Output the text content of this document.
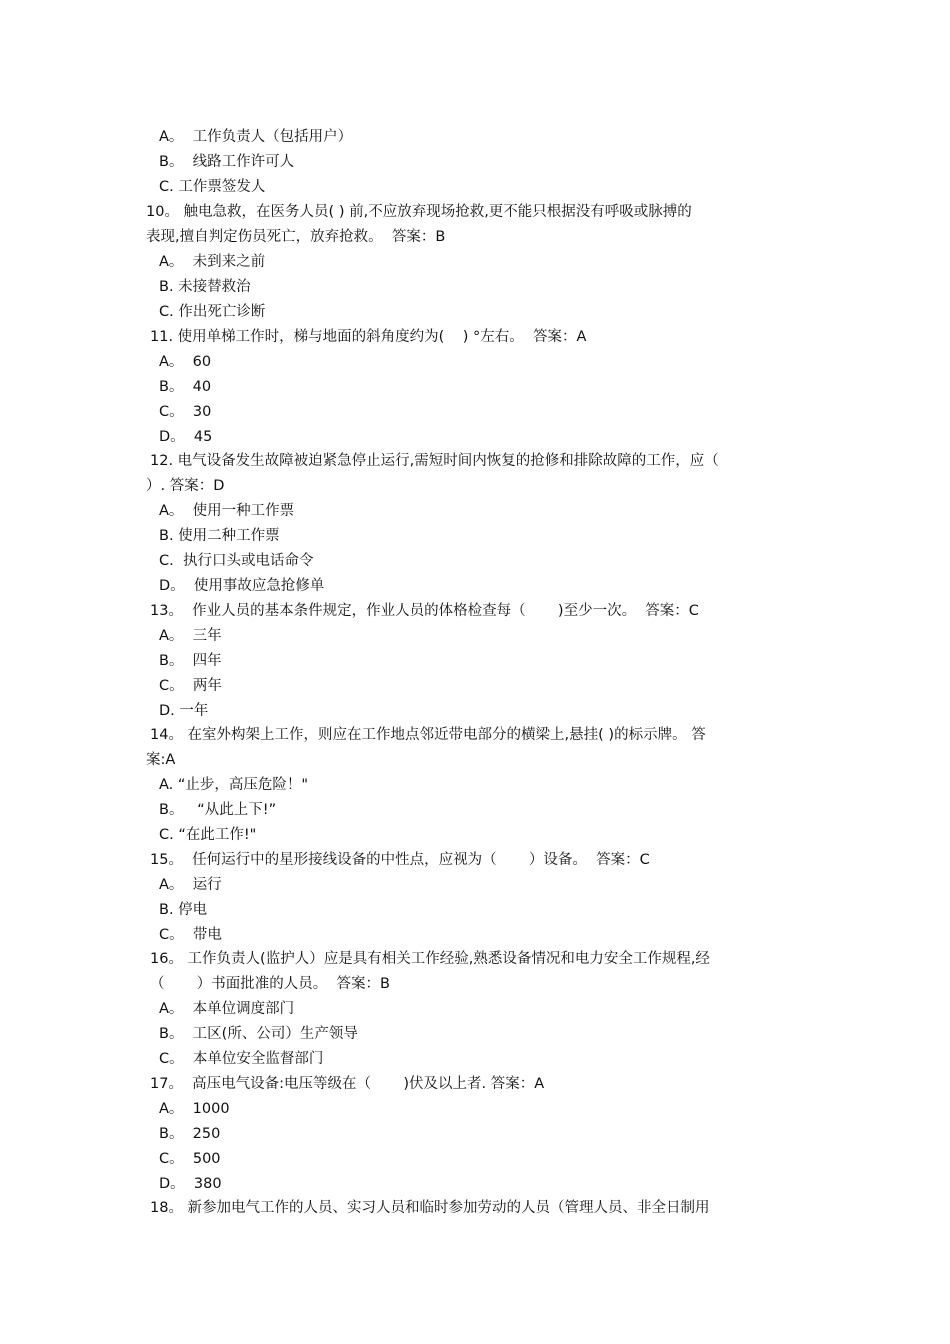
A。  工作负责人（包括用户）
B。  线路工作许可人
C. 工作票签发人
10。 触电急救，在医务人员( ) 前,不应放弃现场抢救,更不能只根据没有呼吸或脉搏的
表现,擅自判定伤员死亡，放弃抢救。  答案：B
A。  未到来之前
B. 未接替救治
C. 作出死亡诊断
11. 使用单梯工作时，梯与地面的斜角度约为(    ) °左右。  答案：A
A。  60
B。  40
C。  30
D。  45
12. 电气设备发生故障被迫紧急停止运行,需短时间内恢复的抢修和排除故障的工作，应（
）. 答案：D
A。  使用一种工作票
B. 使用二种工作票
C.  执行口头或电话命令
D。  使用事故应急抢修单
13。  作业人员的基本条件规定，作业人员的体格检查每（       )至少一次。  答案：C
A。  三年
B。  四年
C。  两年
D. 一年
14。 在室外构架上工作，则应在工作地点邻近带电部分的横梁上,悬挂( )的标示牌。 答
案:A
A. “止步，高压危险！"
B。   “从此上下!”
C. “在此工作!"
15。  任何运行中的星形接线设备的中性点，应视为（       ）设备。  答案：C
A。  运行
B. 停电
C。  带电
16。 工作负责人(监护人）应是具有相关工作经验,熟悉设备情况和电力安全工作规程,经
（       ）书面批准的人员。  答案：B
A。  本单位调度部门
B。  工区(所、公司）生产领导
C。  本单位安全监督部门
17。  高压电气设备:电压等级在（       )伏及以上者. 答案：A
A。  1000
B。  250
C。  500
D。  380
18。 新参加电气工作的人员、实习人员和临时参加劳动的人员（管理人员、非全日制用
